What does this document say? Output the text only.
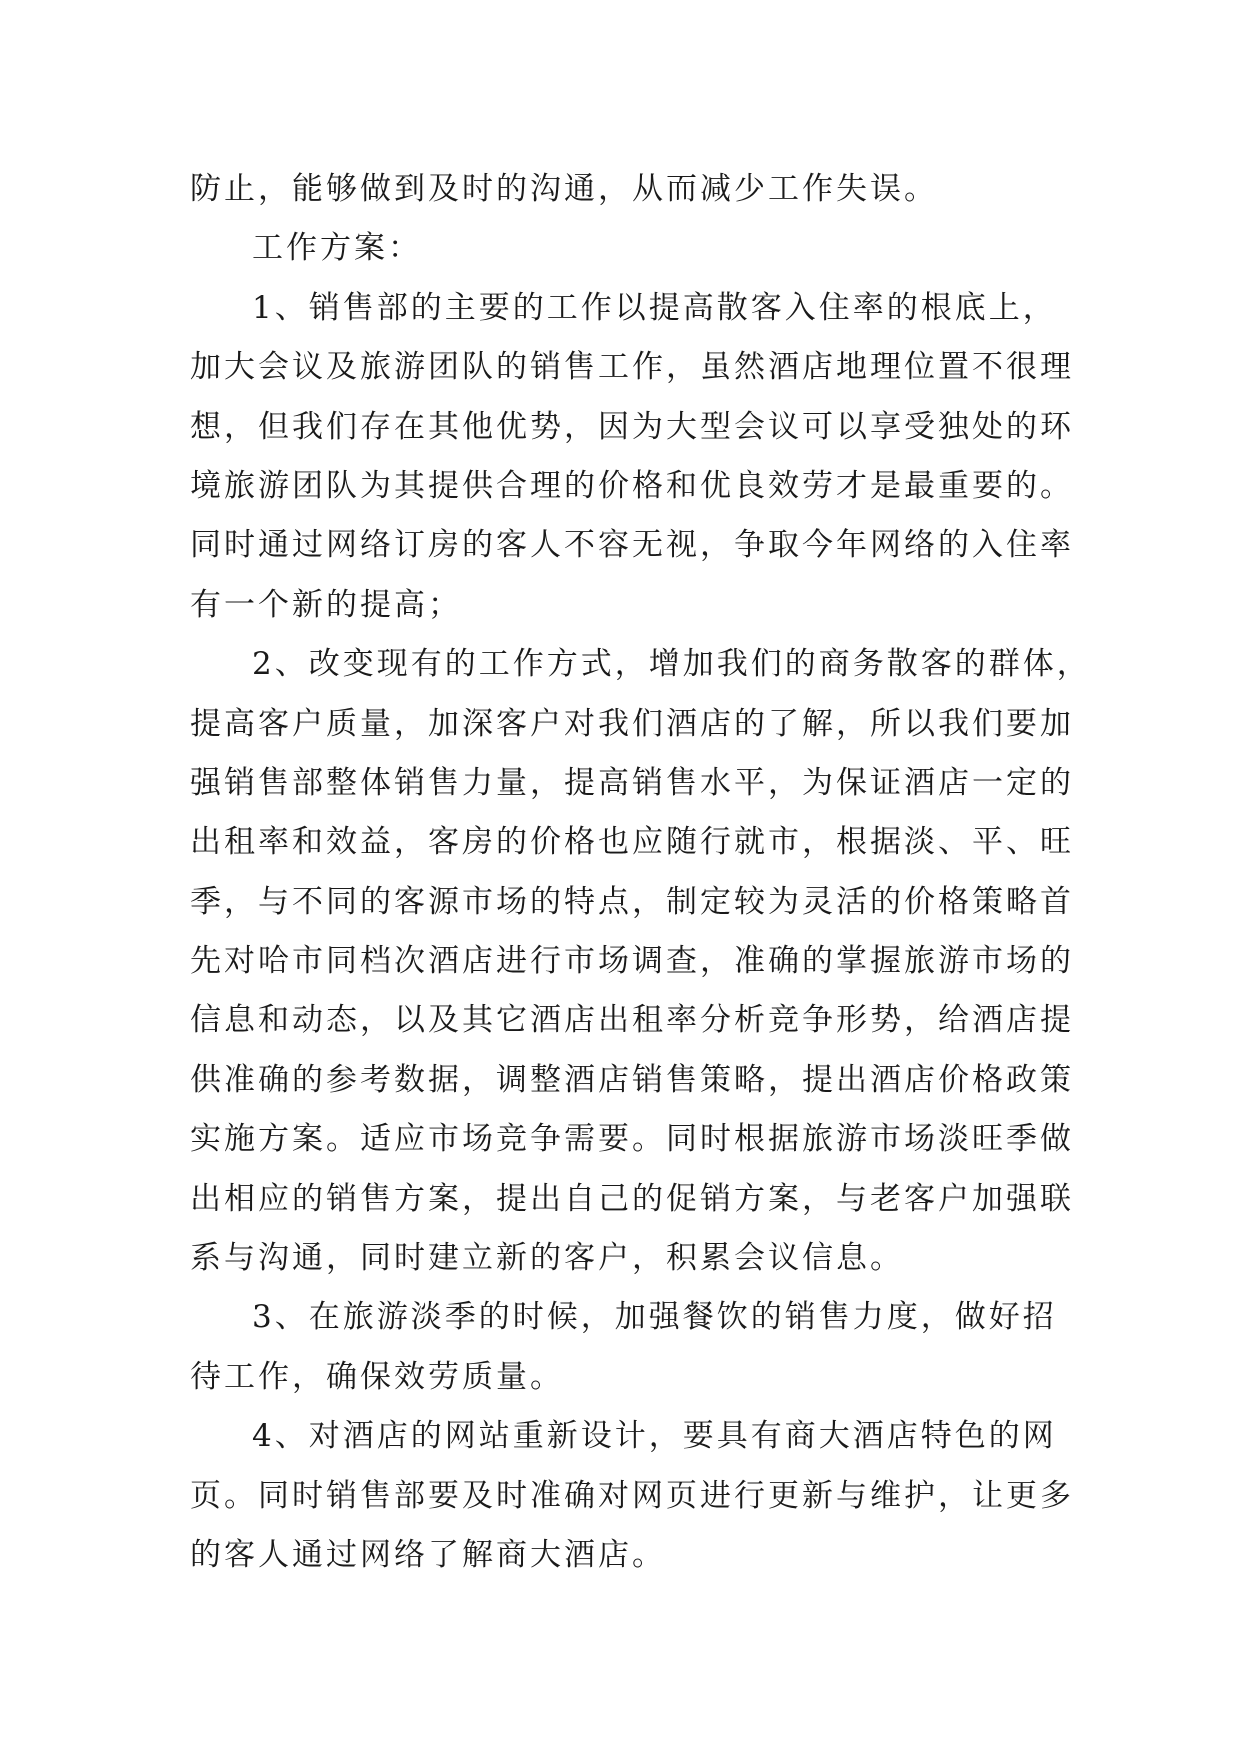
防止，能够做到及时的沟通，从而减少工作失误。
工作方案：
1、销售部的主要的工作以提高散客入住率的根底上，
加大会议及旅游团队的销售工作，虽然酒店地理位置不很理
想，但我们存在其他优势，因为大型会议可以享受独处的环
境旅游团队为其提供合理的价格和优良效劳才是最重要的。
同时通过网络订房的客人不容无视，争取今年网络的入住率
有一个新的提高；
2、改变现有的工作方式，增加我们的商务散客的群体，
提高客户质量，加深客户对我们酒店的了解，所以我们要加
强销售部整体销售力量，提高销售水平，为保证酒店一定的
出租率和效益，客房的价格也应随行就市，根据淡、平、旺
季，与不同的客源市场的特点，制定较为灵活的价格策略首
先对哈市同档次酒店进行市场调查，准确的掌握旅游市场的
信息和动态，以及其它酒店出租率分析竞争形势，给酒店提
供准确的参考数据，调整酒店销售策略，提出酒店价格政策
实施方案。适应市场竞争需要。同时根据旅游市场淡旺季做
出相应的销售方案，提出自己的促销方案，与老客户加强联
系与沟通，同时建立新的客户，积累会议信息。
3、在旅游淡季的时候，加强餐饮的销售力度，做好招
待工作，确保效劳质量。
4、对酒店的网站重新设计，要具有商大酒店特色的网
页。同时销售部要及时准确对网页进行更新与维护，让更多
的客人通过网络了解商大酒店。
